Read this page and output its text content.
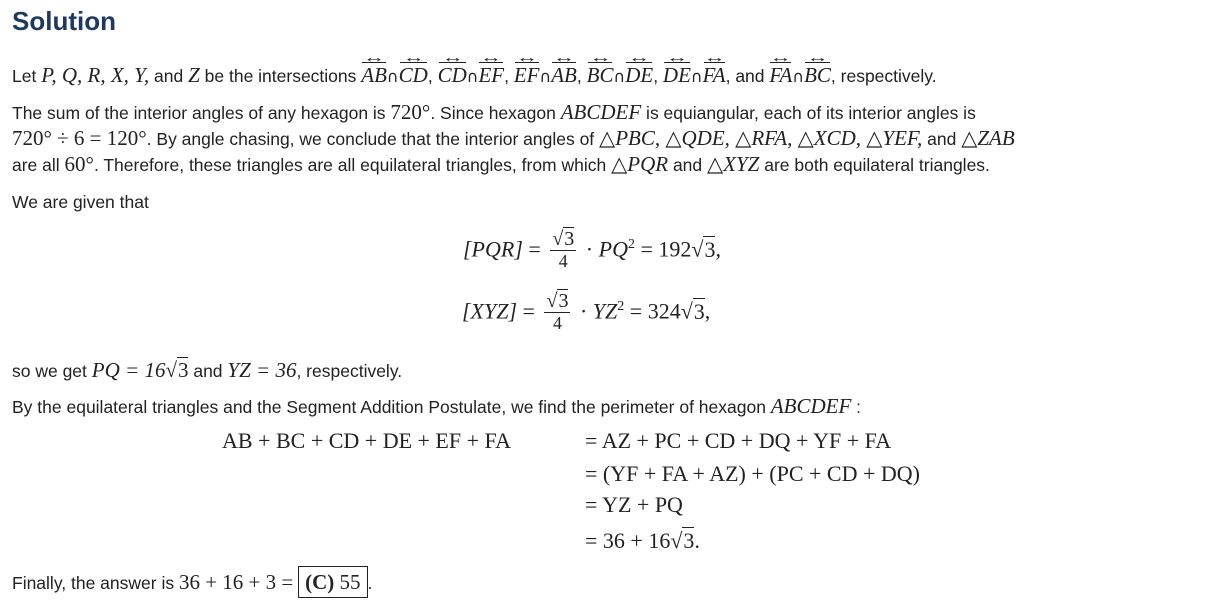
Solution
Let P, Q, R, X, Y, and Z be the intersections AB ↔∩CD ↔, CD ↔∩EF ↔, EF ↔∩AB ↔, BC ↔∩DE ↔, DE ↔∩FA ↔, and FA ↔∩BC ↔, respectively.
The sum of the interior angles of any hexagon is 720°. Since hexagon ABCDEF is equiangular, each of its interior angles is
720° ÷ 6 = 120°. By angle chasing, we conclude that the interior angles of △PBC, △QDE, △RFA, △XCD, △YEF, and △ZAB
are all 60°. Therefore, these triangles are all equilateral triangles, from which △PQR and △XYZ are both equilateral triangles.
We are given that
$[PQR] = \frac{√3}{4} \cdot PQ^2 = 192√3$,
$[XYZ] = \frac{√3}{4} \cdot YZ^2 = 324√3$,
so we get PQ = 16√3 and YZ = 36, respectively.
By the equilateral triangles and the Segment Addition Postulate, we find the perimeter of hexagon ABCDEF :
AB + BC + CD + DE + EF + FA	= AZ + PC + CD + DQ + YF + FA
= (YF + FA + AZ) + (PC + CD + DQ)
= YZ + PQ
= 36 + 16√3.
Finally, the answer is 36 + 16 + 3 = (C) 55 .
